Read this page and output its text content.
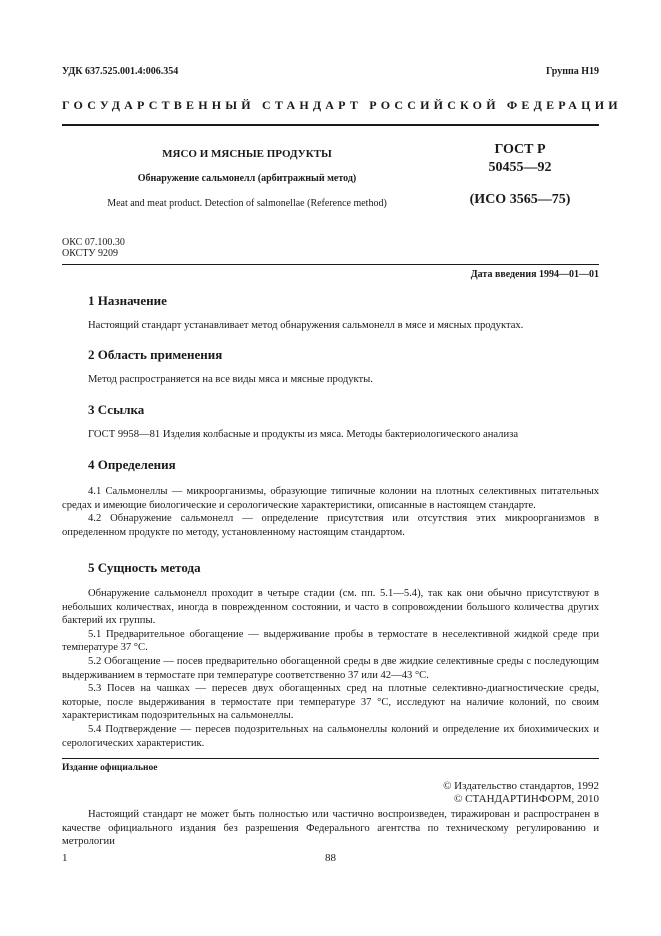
УДК 637.525.001.4:006.354	Группа Н19
ГОСУДАРСТВЕННЫЙ СТАНДАРТ РОССИЙСКОЙ ФЕДЕРАЦИИ
МЯСО И МЯСНЫЕ ПРОДУКТЫ
Обнаружение сальмонелл (арбитражный метод)
Meat and meat product. Detection of salmonellae (Reference method)
ГОСТ Р
50455—92
(ИСО 3565—75)
ОКС 07.100.30
ОКСТУ 9209
Дата введения 1994—01—01
1 Назначение
Настоящий стандарт устанавливает метод обнаружения сальмонелл в мясе и мясных продуктах.
2 Область применения
Метод распространяется на все виды мяса и мясные продукты.
3 Ссылка
ГОСТ 9958—81 Изделия колбасные и продукты из мяса. Методы бактериологического анализа
4 Определения

4.1 Сальмонеллы — микроорганизмы, образующие типичные колонии на плотных селективных питательных средах и имеющие биологические и серологические характеристики, описанные в настоящем стандарте.

4.2 Обнаружение сальмонелл — определение присутствия или отсутствия этих микроорганизмов в определенном продукте по методу, установленному настоящим стандартом.

5 Сущность метода

Обнаружение сальмонелл проходит в четыре стадии (см. пп. 5.1—5.4), так как они обычно присутствуют в небольших количествах, иногда в поврежденном состоянии, и часто в сопровождении большого количества других бактерий их группы.

5.1 Предварительное обогащение — выдерживание пробы в термостате в неселективной жидкой среде при температуре 37 °С.

5.2 Обогащение — посев предварительно обогащенной среды в две жидкие селективные среды с последующим выдерживанием в термостате при температуре соответственно 37 или 42—43 °С.

5.3 Посев на чашках — пересев двух обогащенных сред на плотные селективно-диагностические среды, которые, после выдерживания в термостате при температуре 37 °С, исследуют на наличие колоний, по своим характеристикам подозрительных на сальмонеллы.

5.4 Подтверждение — пересев подозрительных на сальмонеллы колоний и определение их биохимических и серологических характеристик.

Издание официальное
© Издательство стандартов, 1992
© СТАНДАРТИНФОРМ, 2010

Настоящий стандарт не может быть полностью или частично воспроизведен, тиражирован и распространен в качестве официального издания без разрешения Федерального агентства по техническому регулированию и метрологии

1	88
